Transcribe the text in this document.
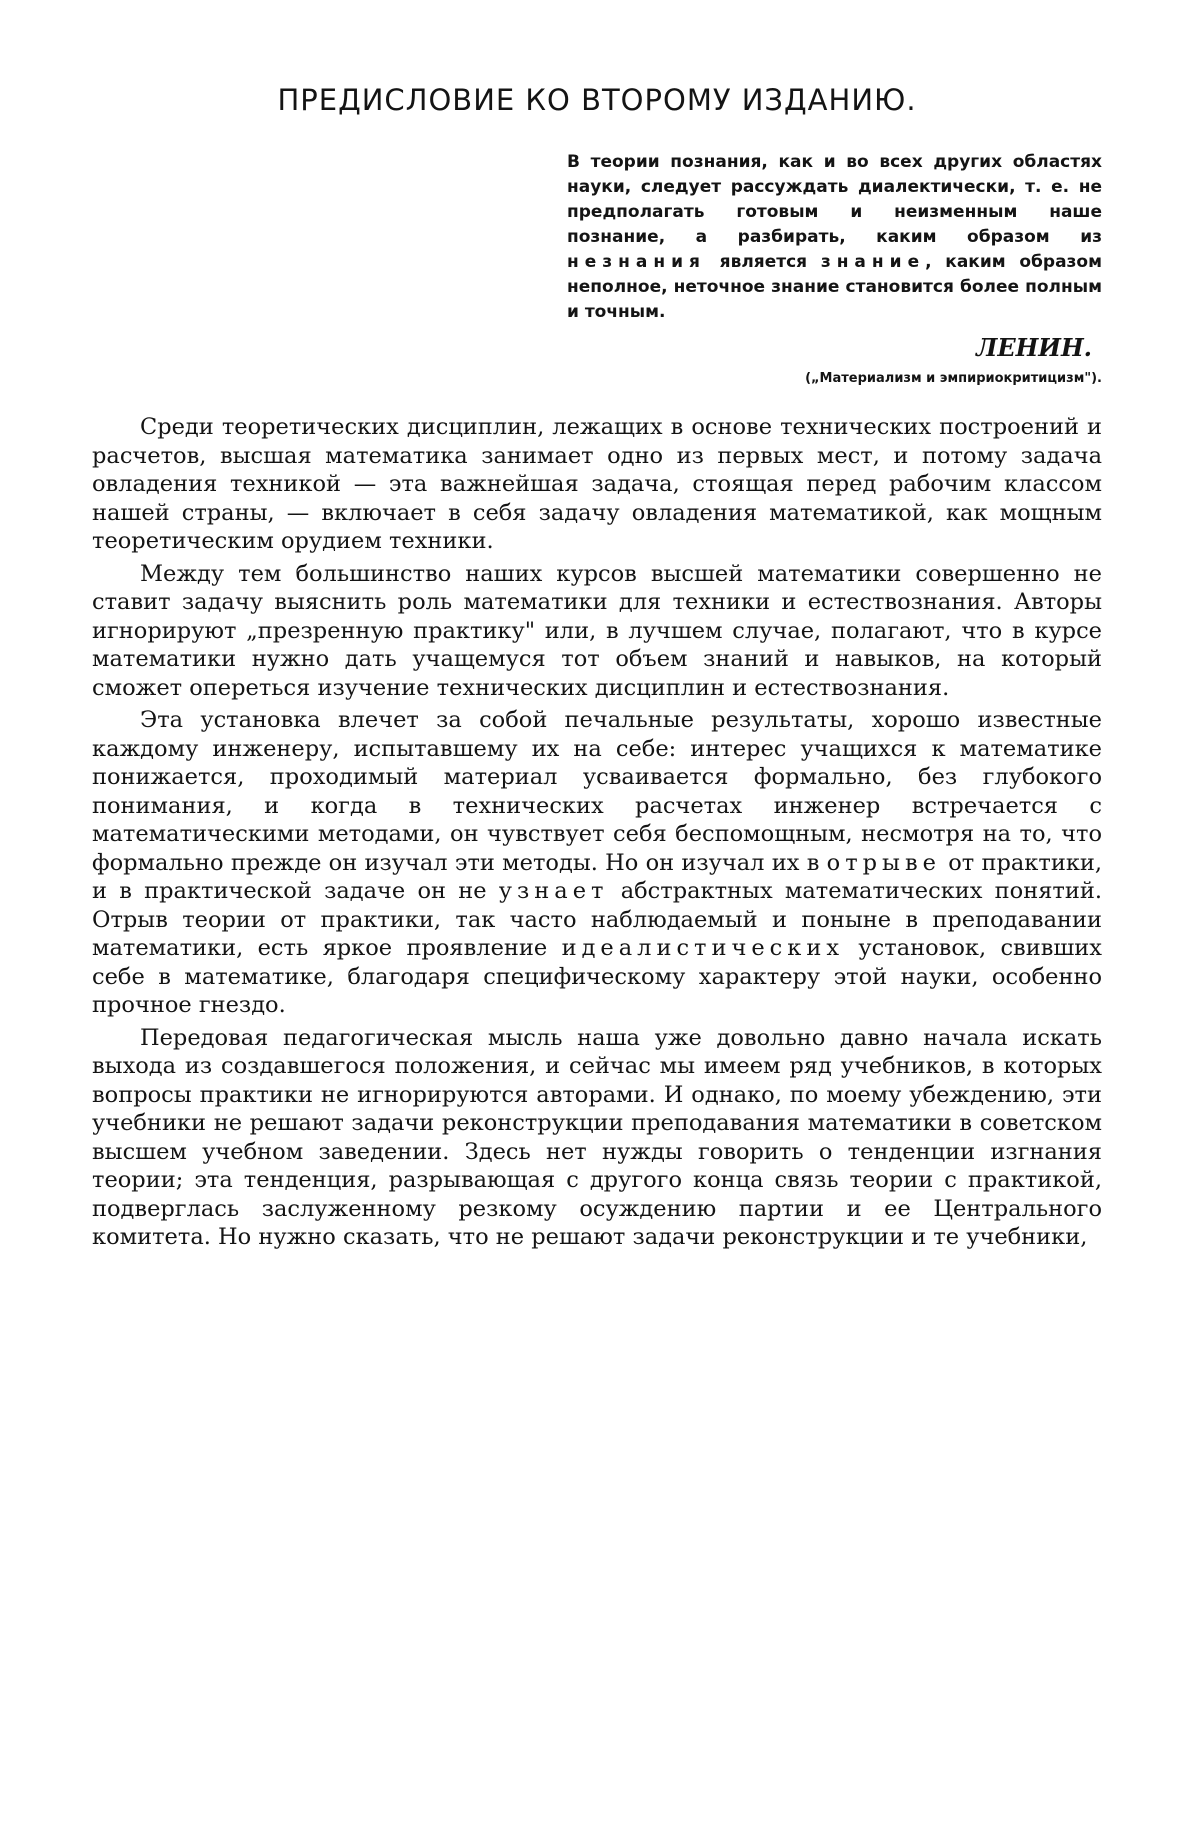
ПРЕДИСЛОВИЕ КО ВТОРОМУ ИЗДАНИЮ.

В теории познания, как и во всех других областях науки, следует рассуждать диалектически, т. е. не предполагать готовым и неизменным наше познание, а разбирать, каким образом из незнания является знание, каким образом неполное, неточное знание становится более полным и точным.

ЛЕНИН.
(„Материализм и эмпириокритицизм").

Среди теоретических дисциплин, лежащих в основе технических построений и расчетов, высшая математика занимает одно из первых мест, и потому задача овладения техникой — эта важнейшая задача, стоящая перед рабочим классом нашей страны, — включает в себя задачу овладения математикой, как мощным теоретическим орудием техники.

Между тем большинство наших курсов высшей математики совершенно не ставит задачу выяснить роль математики для техники и естествознания. Авторы игнорируют „презренную практику" или, в лучшем случае, полагают, что в курсе математики нужно дать учащемуся тот объем знаний и навыков, на который сможет опереться изучение технических дисциплин и естествознания.

Эта установка влечет за собой печальные результаты, хорошо известные каждому инженеру, испытавшему их на себе: интерес учащихся к математике понижается, проходимый материал усваивается формально, без глубокого понимания, и когда в технических расчетах инженер встречается с математическими методами, он чувствует себя беспомощным, несмотря на то, что формально прежде он изучал эти методы. Но он изучал их в отрыве от практики, и в практической задаче он не узнает абстрактных математических понятий. Отрыв теории от практики, так часто наблюдаемый и поныне в преподавании математики, есть яркое проявление идеалистических установок, свивших себе в математике, благодаря специфическому характеру этой науки, особенно прочное гнездо.

Передовая педагогическая мысль наша уже довольно давно начала искать выхода из создавшегося положения, и сейчас мы имеем ряд учебников, в которых вопросы практики не игнорируются авторами. И однако, по моему убеждению, эти учебники не решают задачи реконструкции преподавания математики в советском высшем учебном заведении. Здесь нет нужды говорить о тенденции изгнания теории; эта тенденция, разрывающая с другого конца связь теории с практикой, подверглась заслуженному резкому осуждению партии и ее Центрального комитета. Но нужно сказать, что не решают задачи реконструкции и те учебники,
